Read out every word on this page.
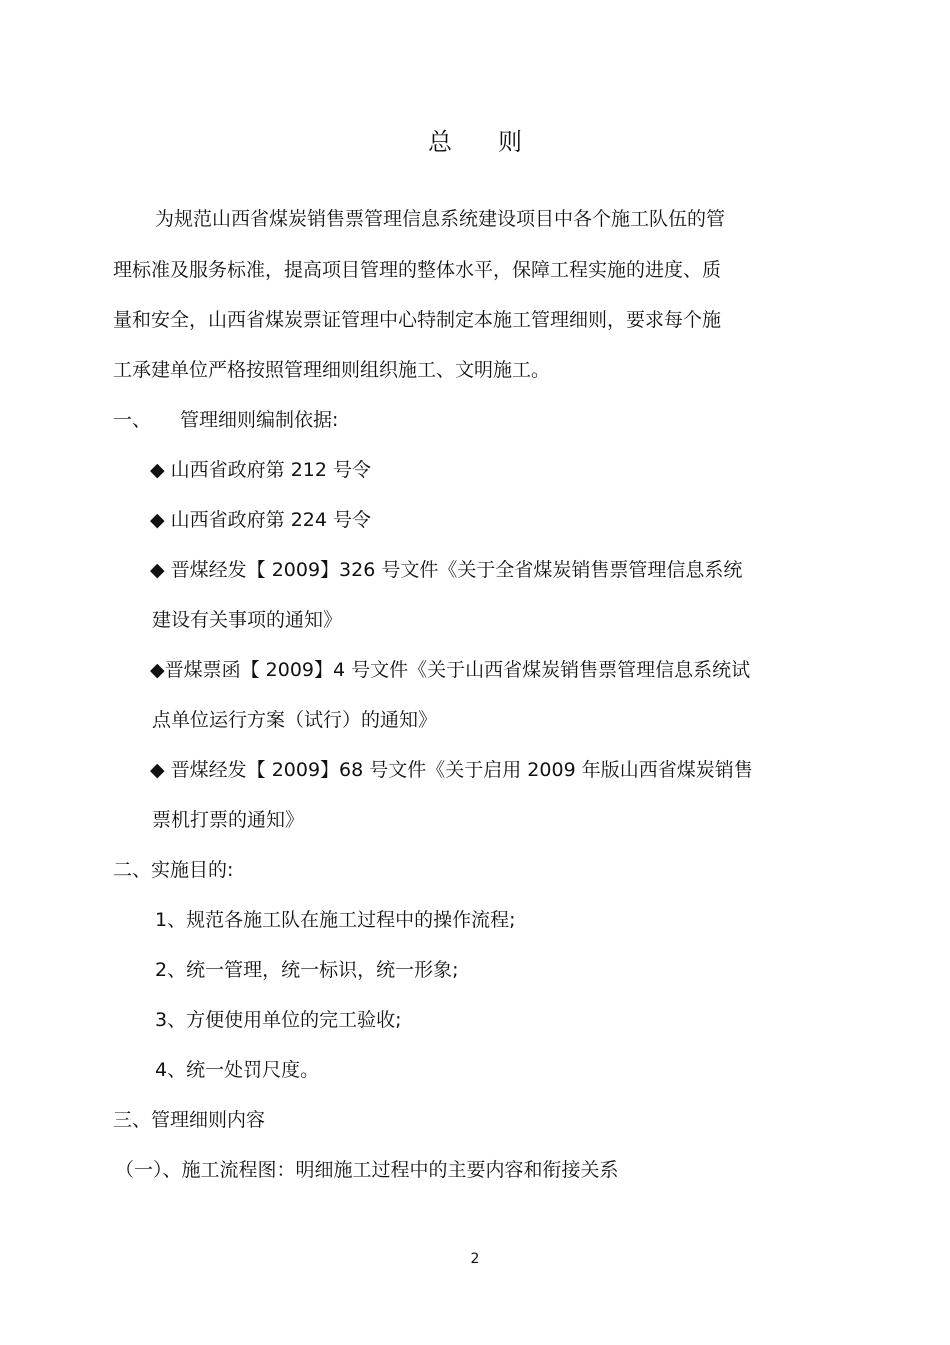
总 则
为规范山西省煤炭销售票管理信息系统建设项目中各个施工队伍的管
理标准及服务标准，提高项目管理的整体水平，保障工程实施的进度、质
量和安全，山西省煤炭票证管理中心特制定本施工管理细则，要求每个施
工承建单位严格按照管理细则组织施工、文明施工。
一、 管理细则编制依据:
◆ 山西省政府第 212 号令
◆ 山西省政府第 224 号令
◆ 晋煤经发【 2009】326 号文件《关于全省煤炭销售票管理信息系统
建设有关事项的通知》
◆晋煤票函【 2009】4 号文件《关于山西省煤炭销售票管理信息系统试
点单位运行方案（试行）的通知》
◆ 晋煤经发【 2009】68 号文件《关于启用 2009 年版山西省煤炭销售
票机打票的通知》
二、实施目的:
1、规范各施工队在施工过程中的操作流程;
2、统一管理，统一标识，统一形象;
3、方便使用单位的完工验收;
4、统一处罚尺度。
三、管理细则内容
（一）、施工流程图：明细施工过程中的主要内容和衔接关系
2
